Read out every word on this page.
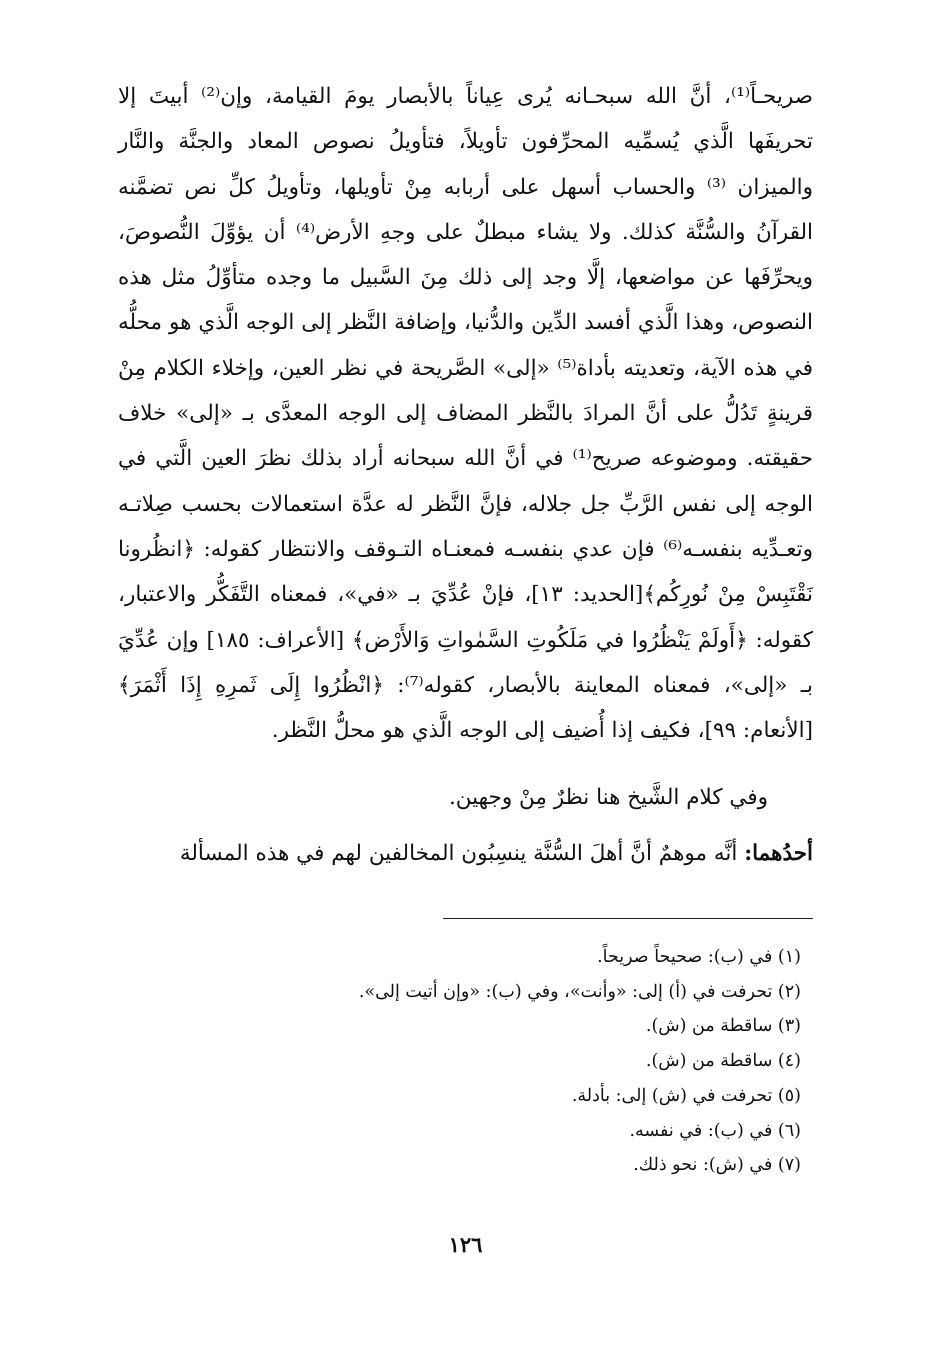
صريحـاً⁽¹⁾، أنَّ الله سبحـانه يُرى عِياناً بالأبصار يومَ القيامة، وإن⁽²⁾ أبيتَ إلا تحريفَها الَّذي يُسمِّيه المحرِّفون تأويلاً، فتأويلُ نصوص المعاد والجنَّة والنَّار والميزان ⁽³⁾ والحساب أسهل على أربابه مِنْ تأويلها، وتأويلُ كلِّ نص تضمَّنه القرآنُ والسُّنَّة كذلك. ولا يشاء مبطلٌ على وجهِ الأرض⁽⁴⁾ أن يؤوِّلَ النُّصوصَ، ويحرِّفَها عن مواضعها، إلَّا وجد إلى ذلك مِنَ السَّبيل ما وجده متأوِّلُ مثل هذه النصوص، وهذا الَّذي أفسد الدِّين والدُّنيا، وإضافة النَّظر إلى الوجه الَّذي هو محلُّه في هذه الآية، وتعديته بأداة⁽⁵⁾ «إلى» الصَّريحة في نظر العين، وإخلاء الكلام مِنْ قرينةٍ تَدُلُّ على أنَّ المرادَ بالنَّظر المضاف إلى الوجه المعدَّى بـ «إلى» خلاف حقيقته. وموضوعه صريح⁽¹⁾ في أنَّ الله سبحانه أراد بذلك نظرَ العين الَّتي في الوجه إلى نفس الرَّبِّ جل جلاله، فإنَّ النَّظر له عدَّة استعمالات بحسب صِلاتـه وتعـدِّيه بنفسـه⁽⁶⁾ فإن عدي بنفسـه فمعنـاه التـوقف والانتظار كقوله: ﴿انظُرونا نَقْتَبِسْ مِنْ نُورِكُم﴾[الحديد: ١٣]، فإنْ عُدِّيَ بـ «في»، فمعناه التَّفَكُّر والاعتبار، كقوله: ﴿أَولَمْ يَنْظُرُوا في مَلَكُوتِ السَّمٰواتِ وَالأَرْض﴾ [الأعراف: ١٨٥] وإن عُدِّيَ بـ «إلى»، فمعناه المعاينة بالأبصار، كقوله⁽⁷⁾: ﴿انْظُرُوا إِلَى ثَمرِهِ إِذَا أَثْمَرَ﴾ [الأنعام: ٩٩]، فكيف إذا أُضيف إلى الوجه الَّذي هو محلُّ النَّظر.

وفي كلام الشَّيخ هنا نظرٌ مِنْ وجهين.

أحدُهما: أنَّه موهمٌ أنَّ أهلَ السُّنَّة ينسِبُون المخالفين لهم في هذه المسألة

(١) في (ب): صحيحاً صريحاً.
(٢) تحرفت في (أ) إلى: «وأنت»، وفي (ب): «وإن أتيت إلى».
(٣) ساقطة من (ش).
(٤) ساقطة من (ش).
(٥) تحرفت في (ش) إلى: بأدلة.
(٦) في (ب): في نفسه.
(٧) في (ش): نحو ذلك.
١٢٦
